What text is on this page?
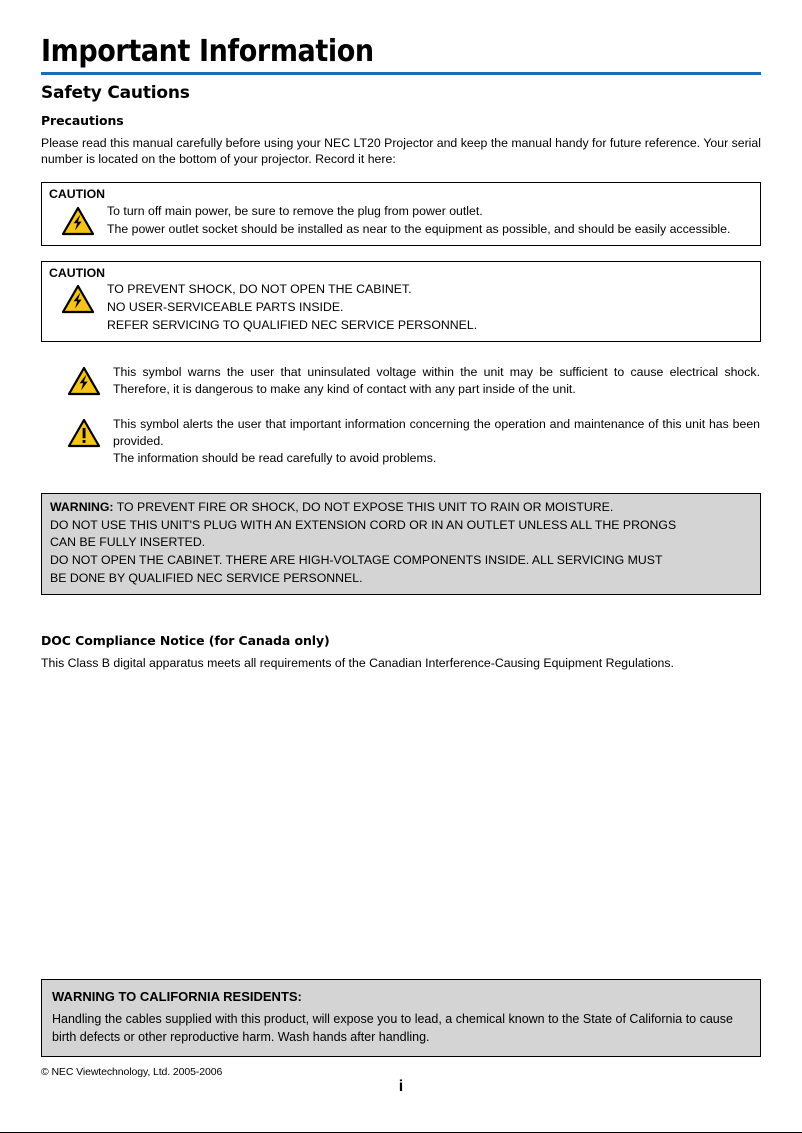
Important Information
Safety Cautions
Precautions

Please read this manual carefully before using your NEC LT20 Projector and keep the manual handy for future reference. Your serial number is located on the bottom of your projector. Record it here:

CAUTION
To turn off main power, be sure to remove the plug from power outlet.
The power outlet socket should be installed as near to the equipment as possible, and should be easily accessible.
CAUTION
TO PREVENT SHOCK, DO NOT OPEN THE CABINET.
NO USER-SERVICEABLE PARTS INSIDE.
REFER SERVICING TO QUALIFIED NEC SERVICE PERSONNEL.
This symbol warns the user that uninsulated voltage within the unit may be sufficient to cause electrical shock. Therefore, it is dangerous to make any kind of contact with any part inside of the unit.
This symbol alerts the user that important information concerning the operation and maintenance of this unit has been provided.
The information should be read carefully to avoid problems.
WARNING: TO PREVENT FIRE OR SHOCK, DO NOT EXPOSE THIS UNIT TO RAIN OR MOISTURE.
DO NOT USE THIS UNIT'S PLUG WITH AN EXTENSION CORD OR IN AN OUTLET UNLESS ALL THE PRONGS
CAN BE FULLY INSERTED.
DO NOT OPEN THE CABINET. THERE ARE HIGH-VOLTAGE COMPONENTS INSIDE. ALL SERVICING MUST
BE DONE BY QUALIFIED NEC SERVICE PERSONNEL.
DOC Compliance Notice (for Canada only)

This Class B digital apparatus meets all requirements of the Canadian Interference-Causing Equipment Regulations.

WARNING TO CALIFORNIA RESIDENTS:
Handling the cables supplied with this product, will expose you to lead, a chemical known to the State of California to cause birth defects or other reproductive harm. Wash hands after handling.
© NEC Viewtechnology, Ltd. 2005-2006
i
